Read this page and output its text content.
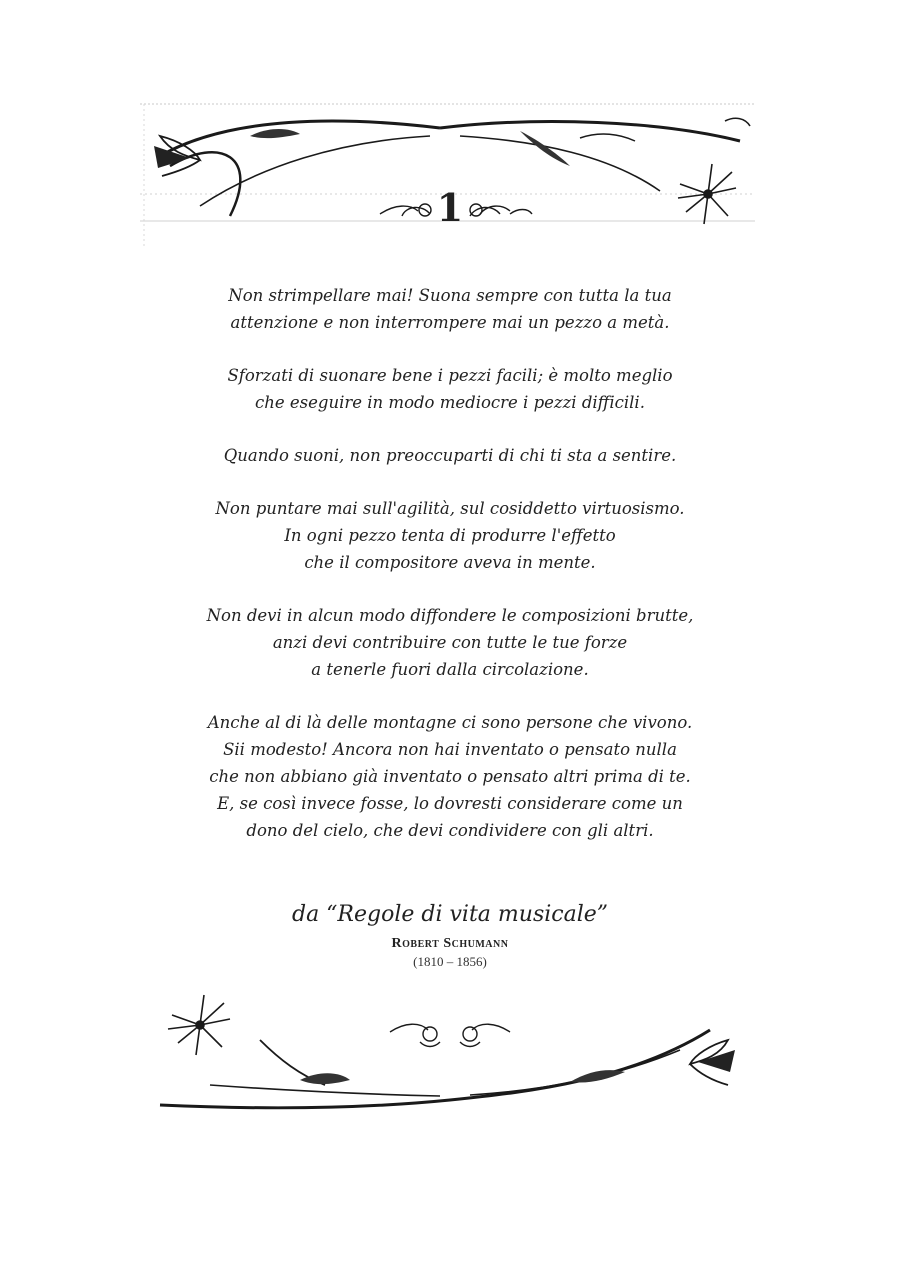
1
Non strimpellare mai! Suona sempre con tutta la tua
attenzione e non interrompere mai un pezzo a metà.
Sforzati di suonare bene i pezzi facili; è molto meglio
che eseguire in modo mediocre i pezzi difficili.
Quando suoni, non preoccuparti di chi ti sta a sentire.
Non puntare mai sull'agilità, sul cosiddetto virtuosismo.
In ogni pezzo tenta di produrre l'effetto
che il compositore aveva in mente.
Non devi in alcun modo diffondere le composizioni brutte,
anzi devi contribuire con tutte le tue forze
a tenerle fuori dalla circolazione.
Anche al di là delle montagne ci sono persone che vivono.
Sii modesto! Ancora non hai inventato o pensato nulla
che non abbiano già inventato o pensato altri prima di te.
E, se così invece fosse, lo dovresti considerare come un
dono del cielo, che devi condividere con gli altri.
da “Regole di vita musicale”
Robert Schumann
(1810 – 1856)
